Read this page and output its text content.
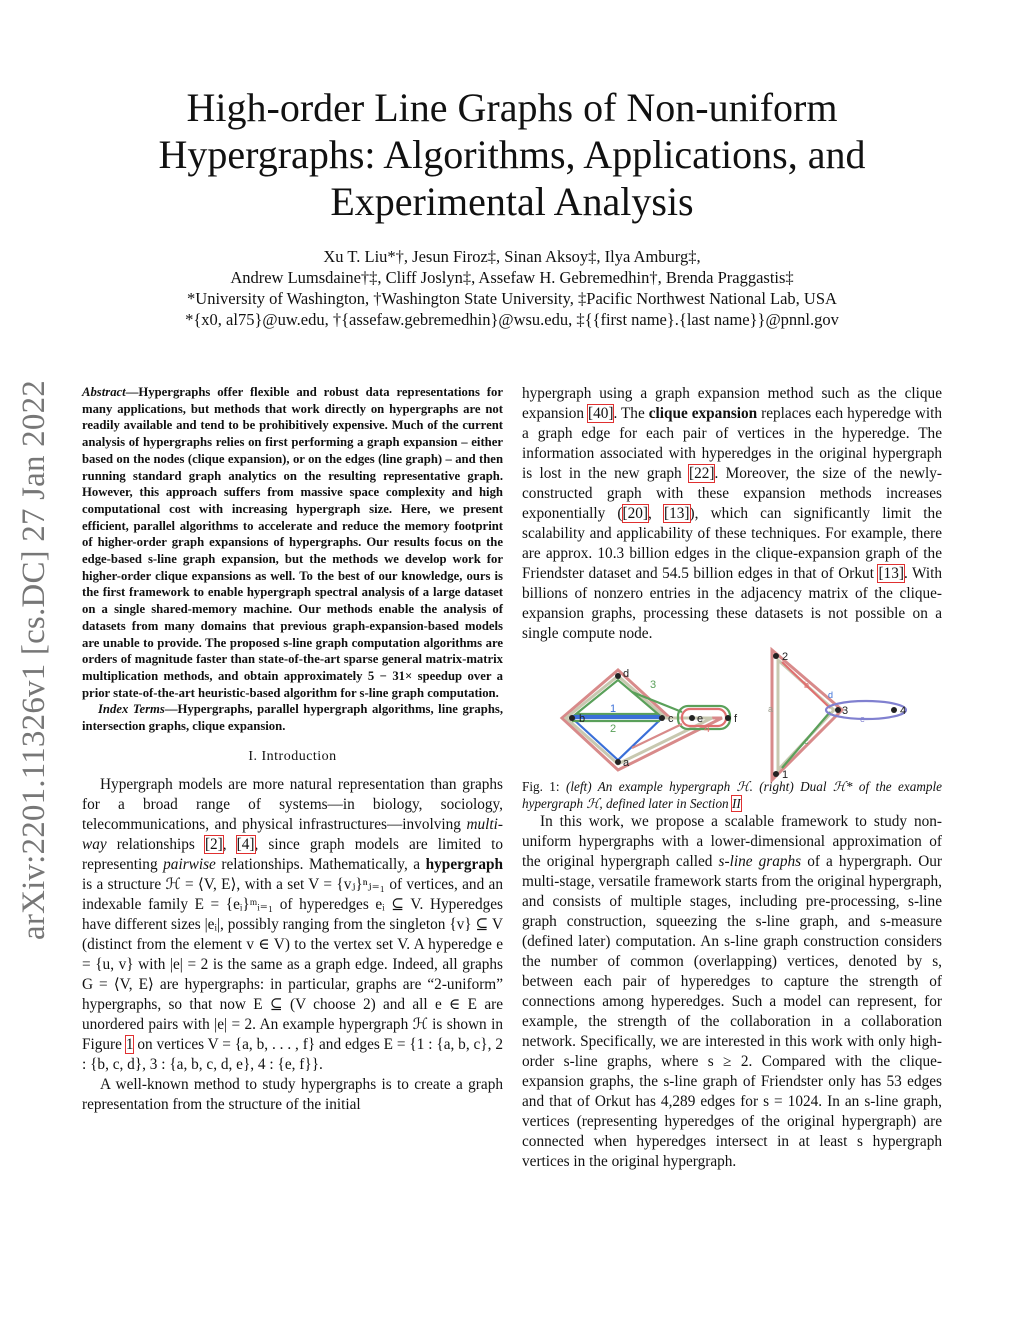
High-order Line Graphs of Non-uniform
Hypergraphs: Algorithms, Applications, and
Experimental Analysis
Xu T. Liu*†, Jesun Firoz‡, Sinan Aksoy‡, Ilya Amburg‡,
Andrew Lumsdaine†‡, Cliff Joslyn‡, Assefaw H. Gebremedhin†, Brenda Praggastis‡
*University of Washington, †Washington State University, ‡Pacific Northwest National Lab, USA
*{x0, al75}@uw.edu, †{assefaw.gebremedhin}@wsu.edu, ‡{{first name}.{last name}}@pnnl.gov
arXiv:2201.11326v1 [cs.DC] 27 Jan 2022 Abstract—Hypergraphs offer flexible and robust data representations for many applications, but methods that work directly on hypergraphs are not readily available and tend to be prohibitively expensive. Much of the current analysis of hypergraphs relies on first performing a graph expansion – either based on the nodes (clique expansion), or on the edges (line graph) – and then running standard graph analytics on the resulting representative graph. However, this approach suffers from massive space complexity and high computational cost with increasing hypergraph size. Here, we present efficient, parallel algorithms to accelerate and reduce the memory footprint of higher-order graph expansions of hypergraphs. Our results focus on the edge-based s-line graph expansion, but the methods we develop work for higher-order clique expansions as well. To the best of our knowledge, ours is the first framework to enable hypergraph spectral analysis of a large dataset on a single shared-memory machine. Our methods enable the analysis of datasets from many domains that previous graph-expansion-based models are unable to provide. The proposed s-line graph computation algorithms are orders of magnitude faster than state-of-the-art sparse general matrix-matrix multiplication methods, and obtain approximately 5 − 31× speedup over a prior state-of-the-art heuristic-based algorithm for s-line graph computation.

Index Terms—Hypergraphs, parallel hypergraph algorithms, line graphs, intersection graphs, clique expansion.

I. Introduction

Hypergraph models are more natural representation than graphs for a broad range of systems—in biology, sociology, telecommunications, and physical infrastructures—involving multi-way relationships [2], [4], since graph models are limited to representing pairwise relationships. Mathematically, a hypergraph is a structure ℋ = ⟨V, E⟩, with a set V = {vⱼ}ⁿⱼ₌₁ of vertices, and an indexable family E = {eᵢ}ᵐᵢ₌₁ of hyperedges eᵢ ⊆ V. Hyperedges have different sizes |eᵢ|, possibly ranging from the singleton {v} ⊆ V (distinct from the element v ∈ V) to the vertex set V. A hyperedge e = {u, v} with |e| = 2 is the same as a graph edge. Indeed, all graphs G = ⟨V, E⟩ are hypergraphs: in particular, graphs are “2-uniform” hypergraphs, so that now E ⊆ (V choose 2) and all e ∈ E are unordered pairs with |e| = 2. An example hypergraph ℋ is shown in Figure 1 on vertices V = {a, b, . . . , f} and edges E = {1 : {a, b, c}, 2 : {b, c, d}, 3 : {a, b, c, d, e}, 4 : {e, f}}.

A well-known method to study hypergraphs is to create a graph representation from the structure of the initial

hypergraph using a graph expansion method such as the clique expansion [40]. The clique expansion replaces each hyperedge with a graph edge for each pair of vertices in the hyperedge. The information associated with hyperedges in the original hypergraph is lost in the new graph [22]. Moreover, the size of the newly-constructed graph with these expansion methods increases exponentially ([20], [13]), which can significantly limit the scalability and applicability of these techniques. For example, there are approx. 10.3 billion edges in the clique-expansion graph of the Friendster dataset and 54.5 billion edges in that of Orkut [13]. With billions of nonzero entries in the adjacency matrix of the clique-expansion graphs, processing these datasets is not possible on a single compute node.

d
b	c e	f
a
1
2
3
4
2
3
1
4
a
b
c
d
e

Fig. 1: (left) An example hypergraph ℋ. (right) Dual ℋ* of the example hypergraph ℋ, defined later in Section II

In this work, we propose a scalable framework to study non-uniform hypergraphs with a lower-dimensional approximation of the original hypergraph called s-line graphs of a hypergraph. Our multi-stage, versatile framework starts from the original hypergraph, and consists of multiple stages, including pre-processing, s-line graph construction, squeezing the s-line graph, and s-measure (defined later) computation. An s-line graph construction considers the number of common (overlapping) vertices, denoted by s, between each pair of hyperedges to capture the strength of connections among hyperedges. Such a model can represent, for example, the strength of the collaboration in a collaboration network. Specifically, we are interested in this work with only high-order s-line graphs, where s ≥ 2. Compared with the clique-expansion graphs, the s-line graph of Friendster only has 53 edges and that of Orkut has 4,289 edges for s = 1024. In an s-line graph, vertices (representing hyperedges of the original hypergraph) are connected when hyperedges intersect in at least s hypergraph vertices in the original hypergraph.
